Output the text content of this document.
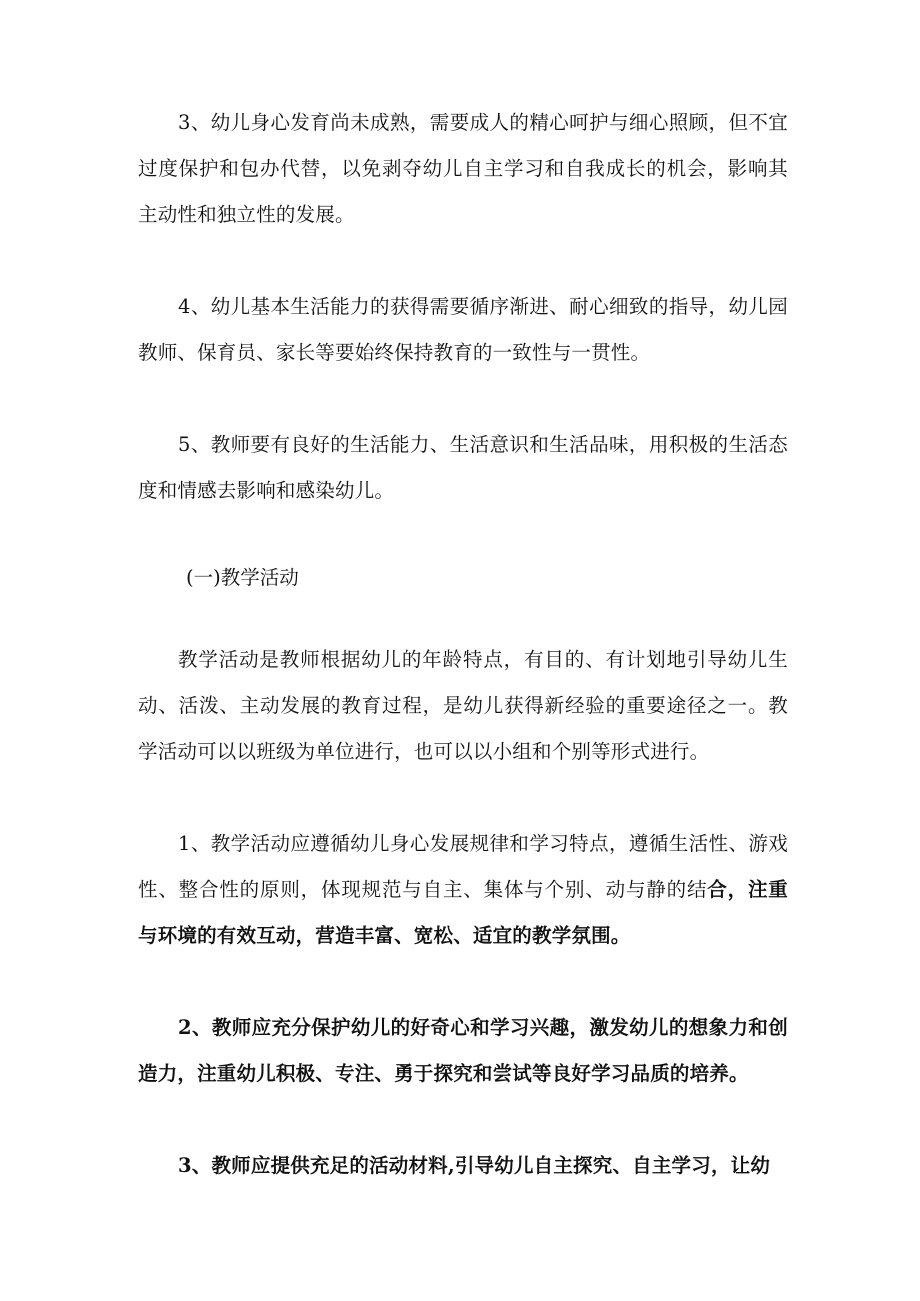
3、幼儿身心发育尚未成熟，需要成人的精心呵护与细心照顾，但不宜过度保护和包办代替，以免剥夺幼儿自主学习和自我成长的机会，影响其主动性和独立性的发展。

4、幼儿基本生活能力的获得需要循序渐进、耐心细致的指导，幼儿园教师、保育员、家长等要始终保持教育的一致性与一贯性。

5、教师要有良好的生活能力、生活意识和生活品味，用积极的生活态度和情感去影响和感染幼儿。

(一)教学活动

教学活动是教师根据幼儿的年龄特点，有目的、有计划地引导幼儿生动、活泼、主动发展的教育过程，是幼儿获得新经验的重要途径之一。教学活动可以以班级为单位进行，也可以以小组和个别等形式进行。

1、教学活动应遵循幼儿身心发展规律和学习特点，遵循生活性、游戏性、整合性的原则，体现规范与自主、集体与个别、动与静的结合，注重与环境的有效互动，营造丰富、宽松、适宜的教学氛围。

2、教师应充分保护幼儿的好奇心和学习兴趣，激发幼儿的想象力和创造力，注重幼儿积极、专注、勇于探究和尝试等良好学习品质的培养。

3、教师应提供充足的活动材料,引导幼儿自主探究、自主学习，让幼
